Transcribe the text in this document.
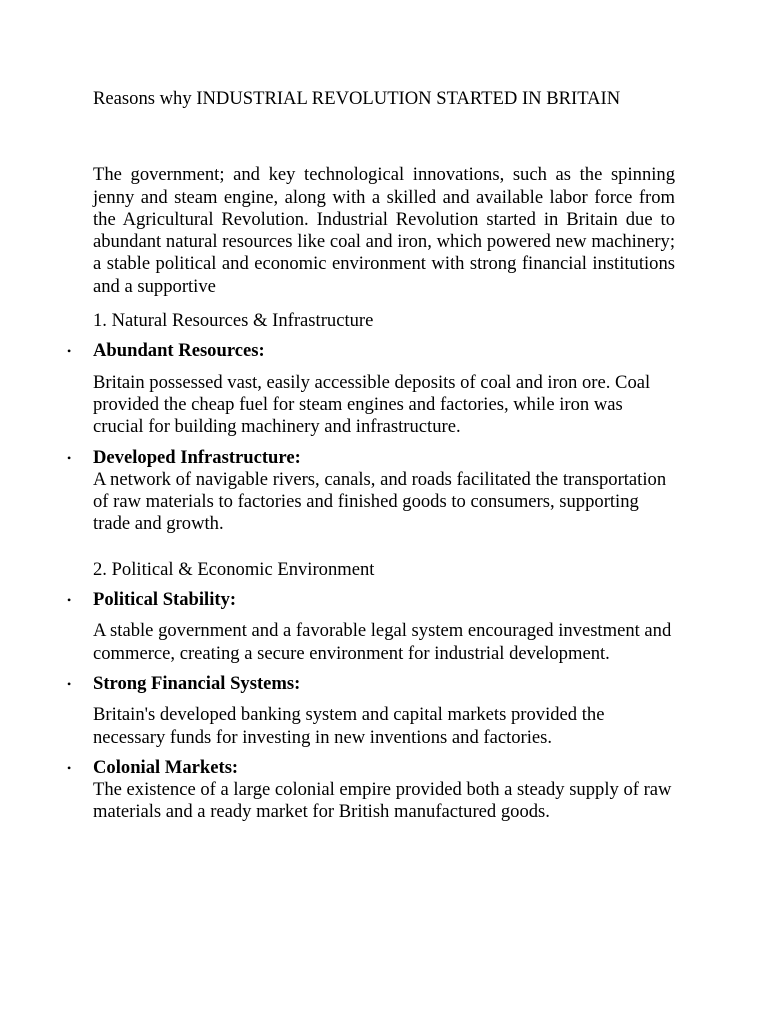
Reasons why INDUSTRIAL REVOLUTION STARTED IN BRITAIN

The government; and key technological innovations, such as the spinning jenny and steam engine, along with a skilled and available labor force from the Agricultural Revolution. Industrial Revolution started in Britain due to abundant natural resources like coal and iron, which powered new machinery; a stable political and economic environment with strong financial institutions and a supportive

1. Natural Resources & Infrastructure

• Abundant Resources:

Britain possessed vast, easily accessible deposits of coal and iron ore. Coal provided the cheap fuel for steam engines and factories, while iron was crucial for building machinery and infrastructure.

• Developed Infrastructure:

A network of navigable rivers, canals, and roads facilitated the transportation of raw materials to factories and finished goods to consumers, supporting trade and growth.

2. Political & Economic Environment

• Political Stability:

A stable government and a favorable legal system encouraged investment and commerce, creating a secure environment for industrial development.

• Strong Financial Systems:

Britain's developed banking system and capital markets provided the necessary funds for investing in new inventions and factories.

• Colonial Markets:

The existence of a large colonial empire provided both a steady supply of raw materials and a ready market for British manufactured goods.
